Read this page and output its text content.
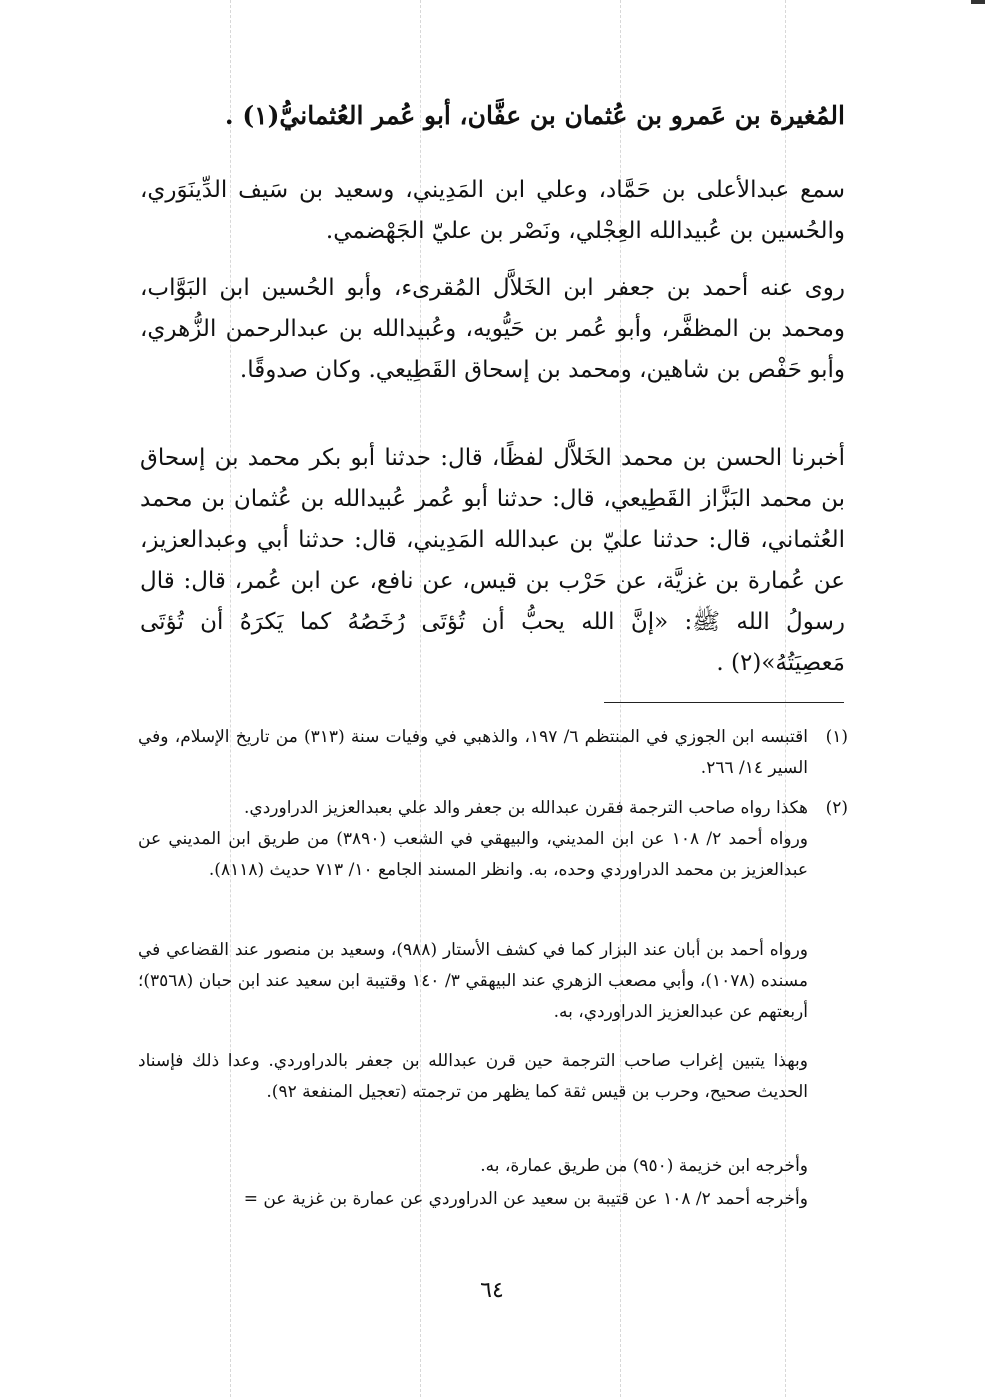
المُغيرة بن عَمرو بن عُثمان بن عفَّان، أبو عُمر العُثمانيُّ(١) .
سمع عبدالأعلى بن حَمَّاد، وعلي ابن المَدِيني، وسعيد بن سَيف الدِّينَوَري، والحُسين بن عُبيدالله العِجْلي، ونَصْر بن عليّ الجَهْضمي.
روى عنه أحمد بن جعفر ابن الخَلاَّل المُقرىء، وأبو الحُسين ابن البَوَّاب، ومحمد بن المظفَّر، وأبو عُمر بن حَيُّويه، وعُبيدالله بن عبدالرحمن الزُّهري، وأبو حَفْص بن شاهين، ومحمد بن إسحاق القَطِيعي. وكان صدوقًا.
أخبرنا الحسن بن محمد الخَلاَّل لفظًا، قال: حدثنا أبو بكر محمد بن إسحاق بن محمد البَزَّاز القَطِيعي، قال: حدثنا أبو عُمر عُبيدالله بن عُثمان بن محمد العُثماني، قال: حدثنا عليّ بن عبدالله المَدِيني، قال: حدثنا أبي وعبدالعزيز، عن عُمارة بن غزيَّة، عن حَرْب بن قيس، عن نافع، عن ابن عُمر، قال: قال رسولُ الله ﷺ: «إنَّ الله يحبُّ أن تُؤتَى رُخَصُهُ كما يَكرَهُ أن تُؤتَى مَعصِيَتُهُ»(٢) .
(١)
اقتبسه ابن الجوزي في المنتظم ٦/ ١٩٧، والذهبي في وفيات سنة (٣١٣) من تاريخ الإسلام، وفي السير ١٤/ ٢٦٦.
(٢)
هكذا رواه صاحب الترجمة فقرن عبدالله بن جعفر والد علي بعبدالعزيز الدراوردي.
ورواه أحمد ٢/ ١٠٨ عن ابن المديني، والبيهقي في الشعب (٣٨٩٠) من طريق ابن المديني عن عبدالعزيز بن محمد الدراوردي وحده، به. وانظر المسند الجامع ١٠/ ٧١٣ حديث (٨١١٨).
ورواه أحمد بن أبان عند البزار كما في كشف الأستار (٩٨٨)، وسعيد بن منصور عند القضاعي في مسنده (١٠٧٨)، وأبي مصعب الزهري عند البيهقي ٣/ ١٤٠ وقتيبة ابن سعيد عند ابن حبان (٣٥٦٨)؛ أربعتهم عن عبدالعزيز الدراوردي، به.
وبهذا يتبين إغراب صاحب الترجمة حين قرن عبدالله بن جعفر بالدراوردي. وعدا ذلك فإسناد الحديث صحيح، وحرب بن قيس ثقة كما يظهر من ترجمته (تعجيل المنفعة ٩٢).
وأخرجه ابن خزيمة (٩٥٠) من طريق عمارة، به.
وأخرجه أحمد ٢/ ١٠٨ عن قتيبة بن سعيد عن الدراوردي عن عمارة بن غزية عن =
٦٤
